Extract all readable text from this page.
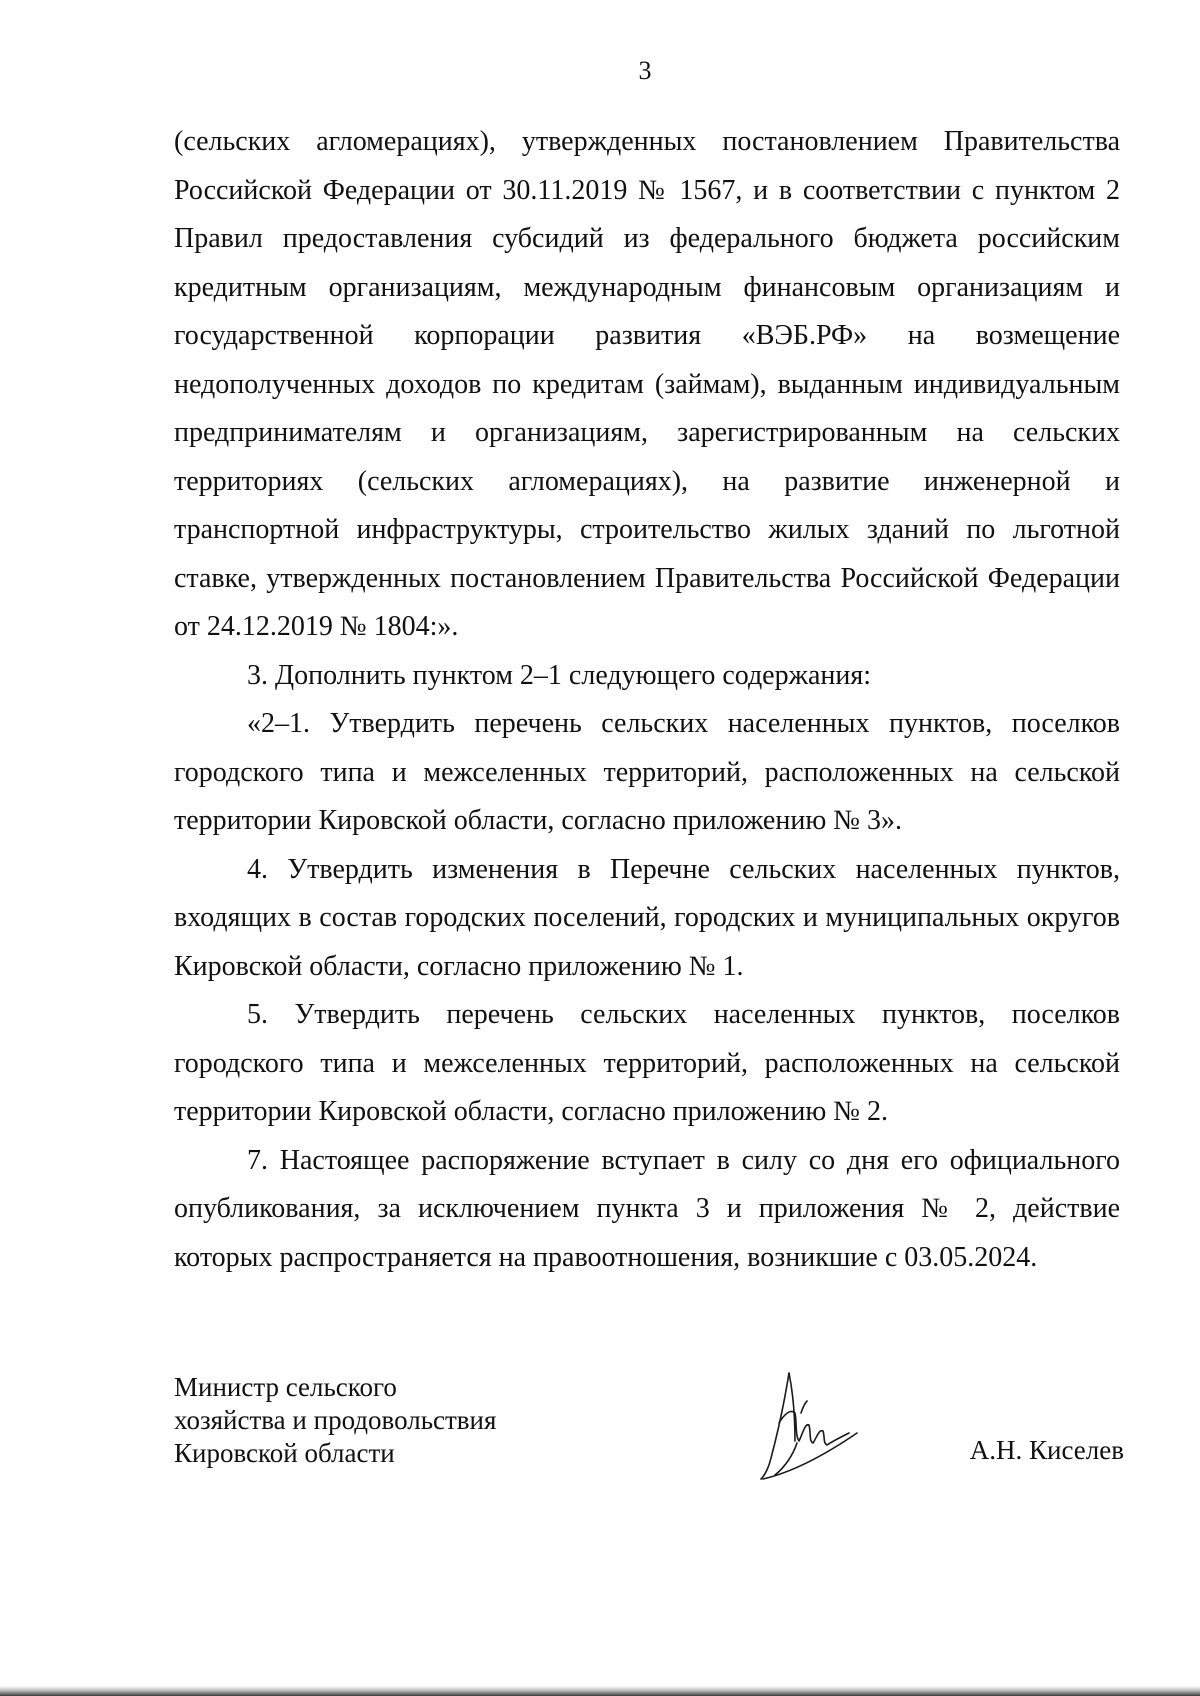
3

(сельских агломерациях), утвержденных постановлением Правительства Российской Федерации от 30.11.2019 № 1567, и в соответствии с пунктом 2 Правил предоставления субсидий из федерального бюджета российским кредитным организациям, международным финансовым организациям и государственной корпорации развития «ВЭБ.РФ» на возмещение недополученных доходов по кредитам (займам), выданным индивидуальным предпринимателям и организациям, зарегистрированным на сельских территориях (сельских агломерациях), на развитие инженерной и транспортной инфраструктуры, строительство жилых зданий по льготной ставке, утвержденных постановлением Правительства Российской Федерации от 24.12.2019 № 1804:».

3. Дополнить пунктом 2–1 следующего содержания:

«2–1. Утвердить перечень сельских населенных пунктов, поселков городского типа и межселенных территорий, расположенных на сельской территории Кировской области, согласно приложению № 3».

4. Утвердить изменения в Перечне сельских населенных пунктов, входящих в состав городских поселений, городских и муниципальных округов Кировской области, согласно приложению № 1.

5. Утвердить перечень сельских населенных пунктов, поселков городского типа и межселенных территорий, расположенных на сельской территории Кировской области, согласно приложению № 2.

7. Настоящее распоряжение вступает в силу со дня его официального опубликования, за исключением пункта 3 и приложения № 2, действие которых распространяется на правоотношения, возникшие с 03.05.2024.

Министр сельского
хозяйства и продовольствия
Кировской области	А.Н. Киселев
